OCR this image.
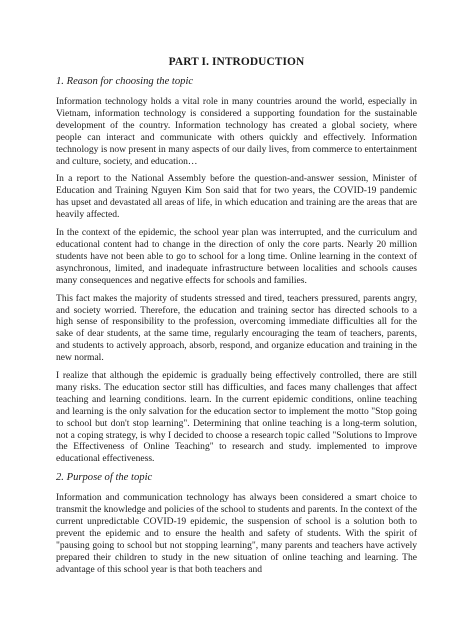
PART I. INTRODUCTION
1. Reason for choosing the topic

Information technology holds a vital role in many countries around the world, especially in Vietnam, information technology is considered a supporting foundation for the sustainable development of the country. Information technology has created a global society, where people can interact and communicate with others quickly and effectively. Information technology is now present in many aspects of our daily lives, from commerce to entertainment and culture, society, and education…

In a report to the National Assembly before the question-and-answer session, Minister of Education and Training Nguyen Kim Son said that for two years, the COVID-19 pandemic has upset and devastated all areas of life, in which education and training are the areas that are heavily affected.

In the context of the epidemic, the school year plan was interrupted, and the curriculum and educational content had to change in the direction of only the core parts. Nearly 20 million students have not been able to go to school for a long time. Online learning in the context of asynchronous, limited, and inadequate infrastructure between localities and schools causes many consequences and negative effects for schools and families.

This fact makes the majority of students stressed and tired, teachers pressured, parents angry, and society worried. Therefore, the education and training sector has directed schools to a high sense of responsibility to the profession, overcoming immediate difficulties all for the sake of dear students, at the same time, regularly encouraging the team of teachers, parents, and students to actively approach, absorb, respond, and organize education and training in the new normal.

I realize that although the epidemic is gradually being effectively controlled, there are still many risks. The education sector still has difficulties, and faces many challenges that affect teaching and learning conditions. learn. In the current epidemic conditions, online teaching and learning is the only salvation for the education sector to implement the motto "Stop going to school but don't stop learning". Determining that online teaching is a long-term solution, not a coping strategy, is why I decided to choose a research topic called "Solutions to Improve the Effectiveness of Online Teaching" to research and study. implemented to improve educational effectiveness.

2. Purpose of the topic

Information and communication technology has always been considered a smart choice to transmit the knowledge and policies of the school to students and parents. In the context of the current unpredictable COVID-19 epidemic, the suspension of school is a solution both to prevent the epidemic and to ensure the health and safety of students. With the spirit of "pausing going to school but not stopping learning", many parents and teachers have actively prepared their children to study in the new situation of online teaching and learning. The advantage of this school year is that both teachers and
